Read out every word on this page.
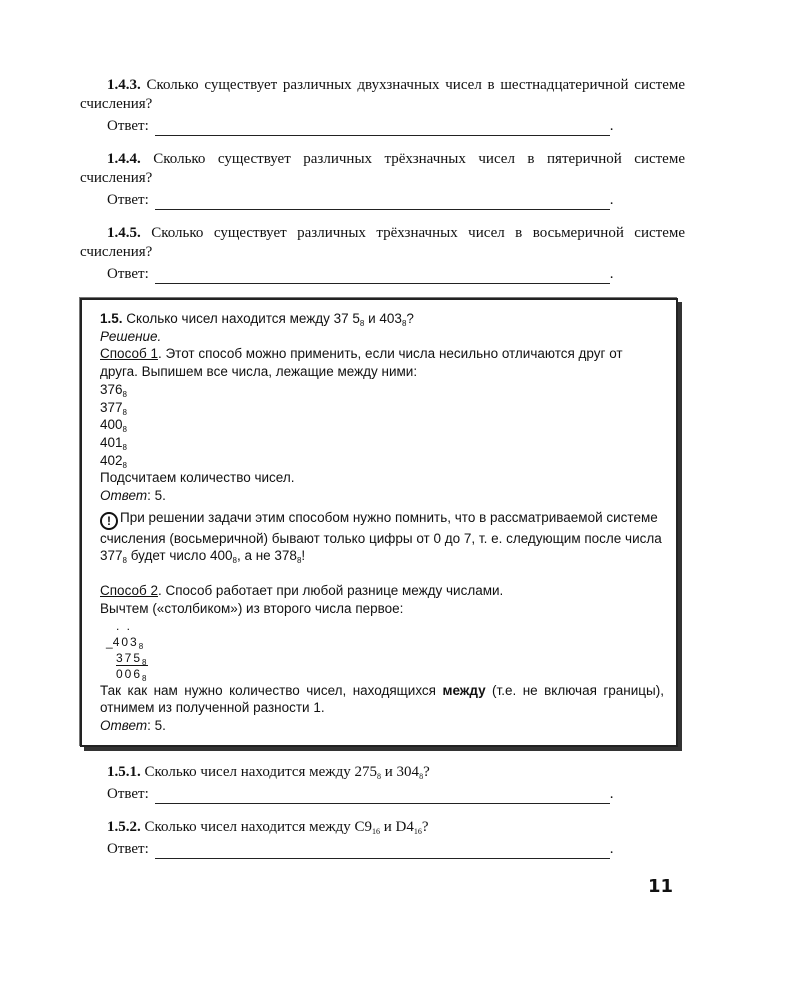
1.4.3. Сколько существует различных двухзначных чисел в шестнадцатеричной системе счисления?

Ответ:	.

1.4.4. Сколько существует различных трёхзначных чисел в пятеричной системе счисления?

Ответ:	.

1.4.5. Сколько существует различных трёхзначных чисел в восьмеричной системе счисления?

Ответ:	.
1.5. Сколько чисел находится между 37 $5_8$ и $403_8$?
Решение.
Способ 1. Этот способ можно применить, если числа несильно отличаются друг от друга. Выпишем все числа, лежащие между ними:
$376_8$
$377_8$
$400_8$
$401_8$
$402_8$
Подсчитаем количество чисел.
Ответ: 5.
! При решении задачи этим способом нужно помнить, что в рассматриваемой системе счисления (восьмеричной) бывают только цифры от 0 до 7, т. е. следующим после числа $377_8$ будет число $400_8$, а не $378_8$!
Способ 2. Способ работает при любой разнице между числами.
Вычтем («столбиком») из второго числа первое:
. .
$\_403_8$
$375_8$
$006_8$
Так как нам нужно количество чисел, находящихся между (т.е. не включая границы), отнимем из полученной разности 1.
Ответ: 5.

1.5.1. Сколько чисел находится между $275_8$ и $304_8$?

Ответ:	.

1.5.2. Сколько чисел находится между $C9_{16}$ и $D4_{16}$?

Ответ:	.
11
